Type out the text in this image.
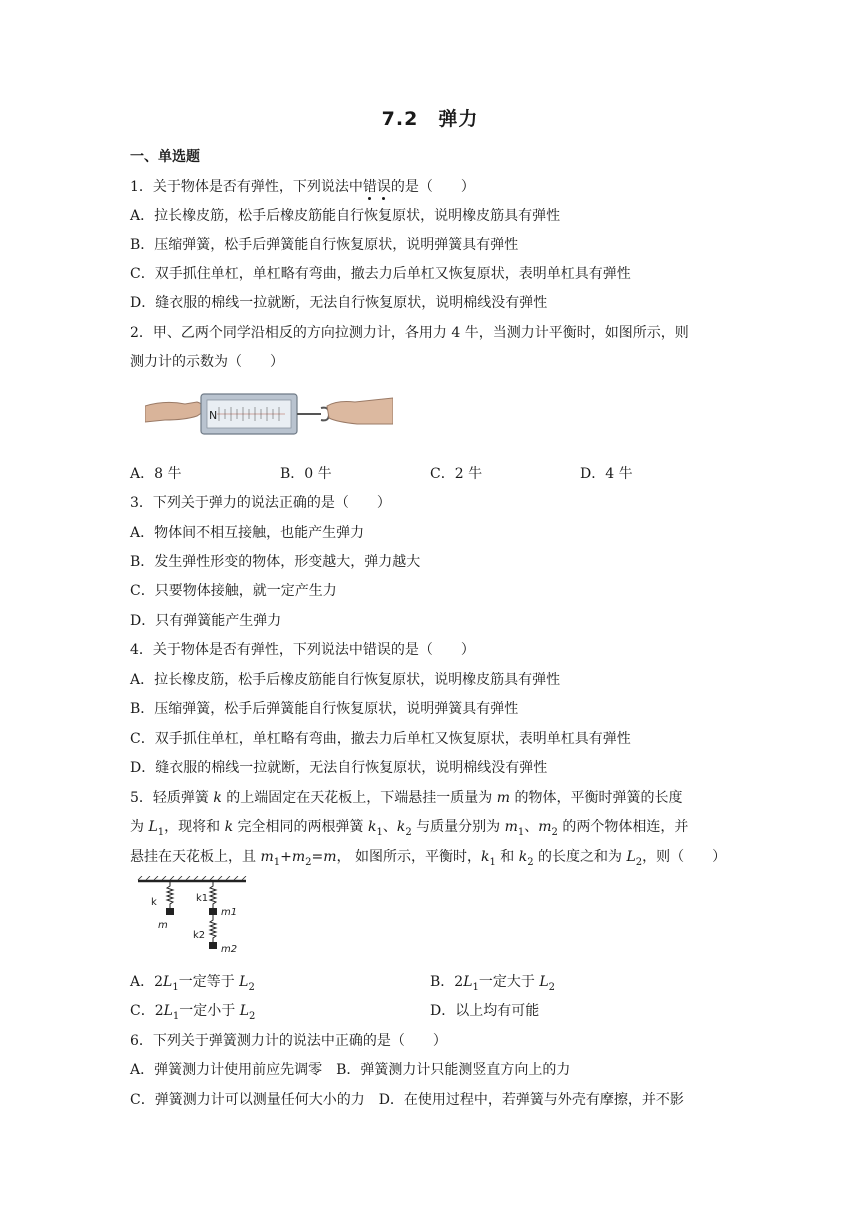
7.2　弹力
一、单选题
1．关于物体是否有弹性，下列说法中错误的是（　　）
A．拉长橡皮筋，松手后橡皮筋能自行恢复原状，说明橡皮筋具有弹性
B．压缩弹簧，松手后弹簧能自行恢复原状，说明弹簧具有弹性
C．双手抓住单杠，单杠略有弯曲，撤去力后单杠又恢复原状，表明单杠具有弹性
D．缝衣服的棉线一拉就断，无法自行恢复原状，说明棉线没有弹性
2．甲、乙两个同学沿相反的方向拉测力计，各用力 4 牛，当测力计平衡时，如图所示，则
测力计的示数为（　　）
N
A．8 牛	B．0 牛	C．2 牛	D．4 牛
3．下列关于弹力的说法正确的是（　　）
A．物体间不相互接触，也能产生弹力
B．发生弹性形变的物体，形变越大，弹力越大
C．只要物体接触，就一定产生力
D．只有弹簧能产生弹力
4．关于物体是否有弹性，下列说法中错误的是（　　）
A．拉长橡皮筋，松手后橡皮筋能自行恢复原状，说明橡皮筋具有弹性
B．压缩弹簧，松手后弹簧能自行恢复原状，说明弹簧具有弹性
C．双手抓住单杠，单杠略有弯曲，撤去力后单杠又恢复原状，表明单杠具有弹性
D．缝衣服的棉线一拉就断，无法自行恢复原状，说明棉线没有弹性
5．轻质弹簧 k 的上端固定在天花板上，下端悬挂一质量为 m 的物体，平衡时弹簧的长度
为 $L_1$，现将和 k 完全相同的两根弹簧 $k_1$、$k_2$ 与质量分别为 $m_1$、$m_2$ 的两个物体相连，并
悬挂在天花板上，且 $m_1+m_2=m$， 如图所示，平衡时，$k_1$ 和 $k_2$ 的长度之和为 $L_2$，则（　　）
k
m
k1
m1
k2
m2
A．$2L_1$一定等于 $L_2$	B．$2L_1$一定大于 $L_2$
C．$2L_1$一定小于 $L_2$	D．以上均有可能
6．下列关于弹簧测力计的说法中正确的是（　　）
A．弹簧测力计使用前应先调零　B．弹簧测力计只能测竖直方向上的力
C．弹簧测力计可以测量任何大小的力　D．在使用过程中，若弹簧与外壳有摩擦，并不影
